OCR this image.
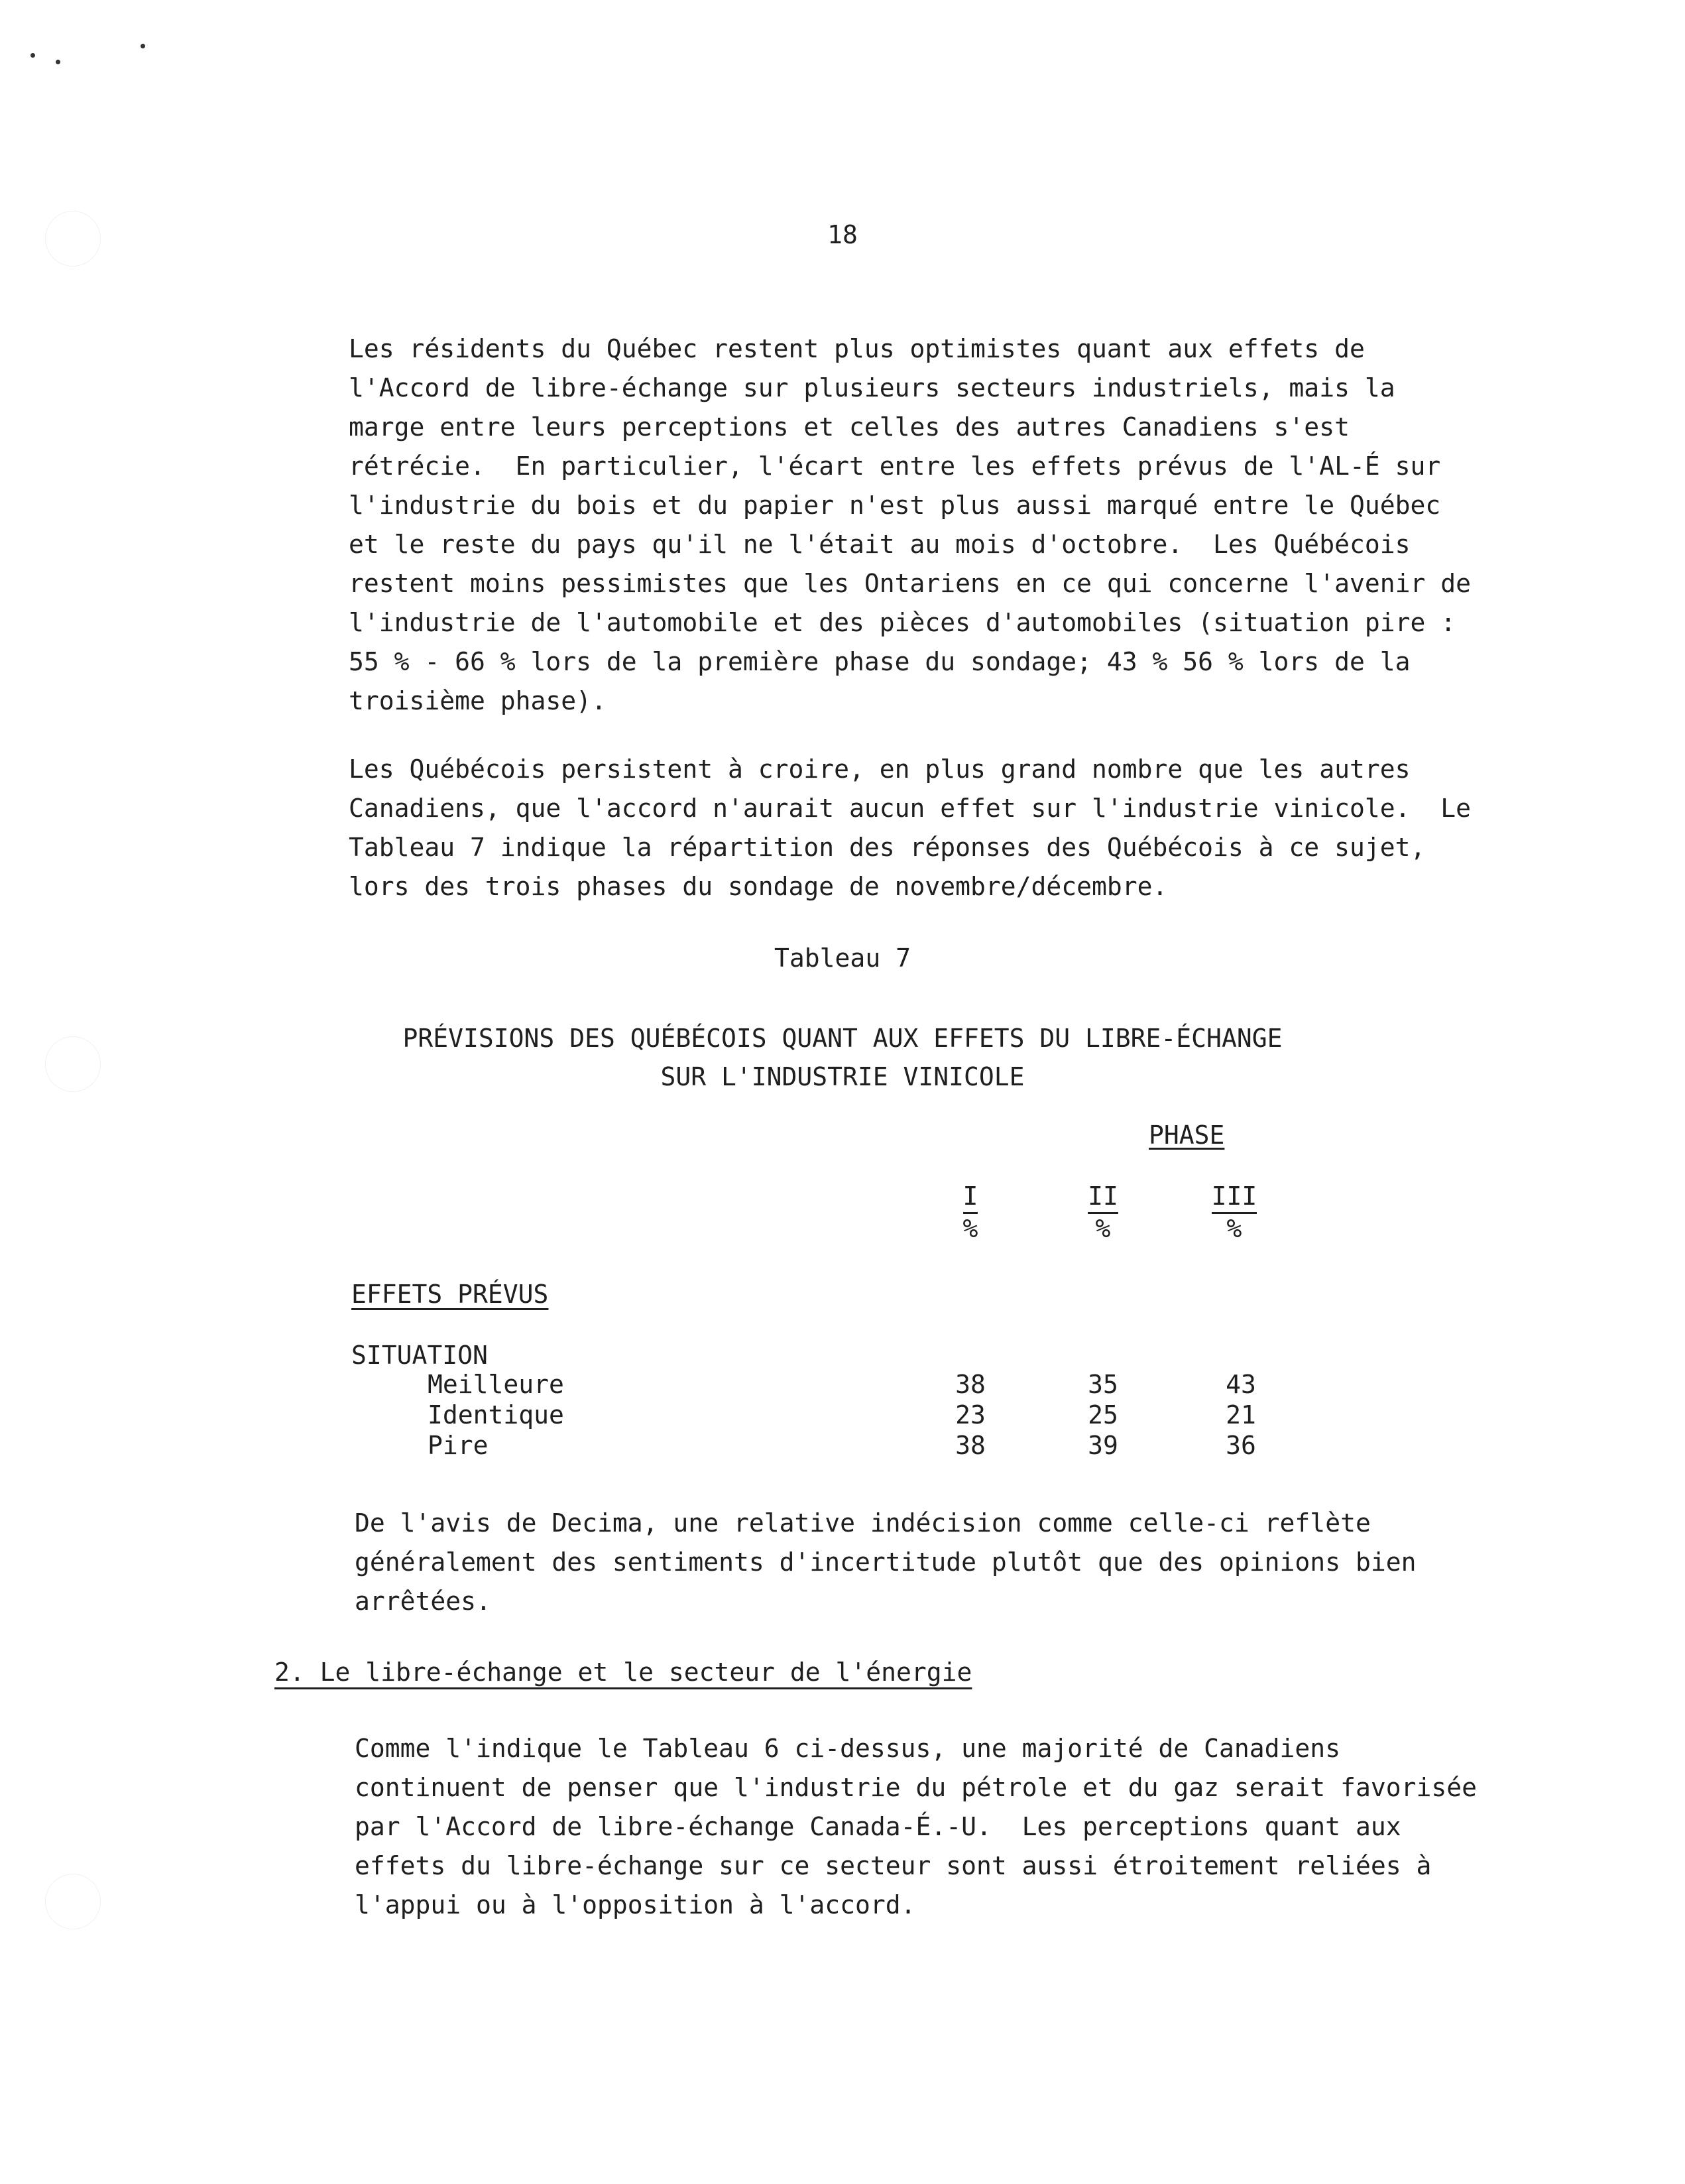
18
Les résidents du Québec restent plus optimistes quant aux effets de
l'Accord de libre-échange sur plusieurs secteurs industriels, mais la
marge entre leurs perceptions et celles des autres Canadiens s'est
rétrécie.  En particulier, l'écart entre les effets prévus de l'AL-É sur
l'industrie du bois et du papier n'est plus aussi marqué entre le Québec
et le reste du pays qu'il ne l'était au mois d'octobre.  Les Québécois
restent moins pessimistes que les Ontariens en ce qui concerne l'avenir de
l'industrie de l'automobile et des pièces d'automobiles (situation pire :
55 % - 66 % lors de la première phase du sondage; 43 % 56 % lors de la
troisième phase).
Les Québécois persistent à croire, en plus grand nombre que les autres
Canadiens, que l'accord n'aurait aucun effet sur l'industrie vinicole.  Le
Tableau 7 indique la répartition des réponses des Québécois à ce sujet,
lors des trois phases du sondage de novembre/décembre.
Tableau 7
PRÉVISIONS DES QUÉBÉCOIS QUANT AUX EFFETS DU LIBRE-ÉCHANGE
SUR L'INDUSTRIE VINICOLE
PHASE
I
%
II
%
III
%
EFFETS PRÉVUS
SITUATION
Meilleure	38	35	43
Identique	23	25	21
Pire	38	39	36
De l'avis de Decima, une relative indécision comme celle-ci reflète
généralement des sentiments d'incertitude plutôt que des opinions bien
arrêtées.
2. Le libre-échange et le secteur de l'énergie
Comme l'indique le Tableau 6 ci-dessus, une majorité de Canadiens
continuent de penser que l'industrie du pétrole et du gaz serait favorisée
par l'Accord de libre-échange Canada-É.-U.  Les perceptions quant aux
effets du libre-échange sur ce secteur sont aussi étroitement reliées à
l'appui ou à l'opposition à l'accord.
